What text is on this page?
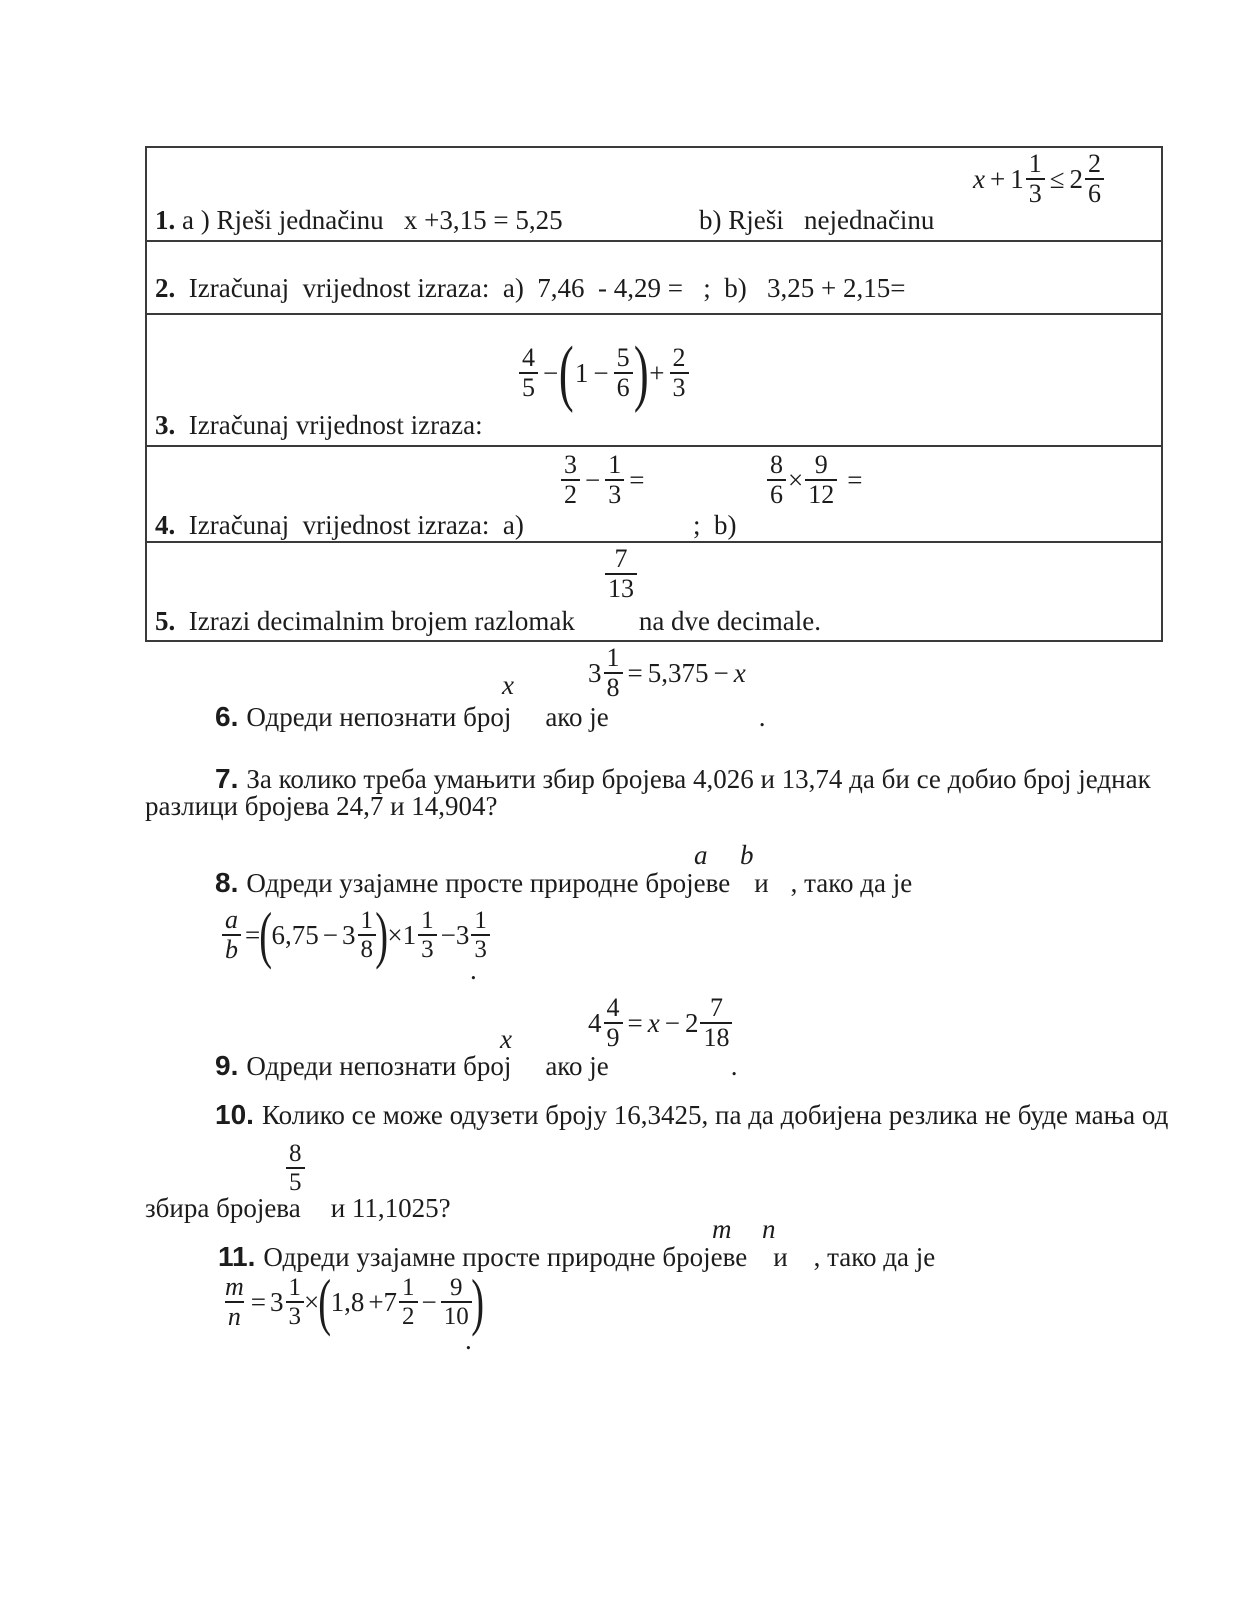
$x + 1 \frac{1}{3} \le 2 \frac{2}{6}$
1. a ) Rješi jednačinu   x +3,15 = 5,25	b) Rješi   nejednačinu
2.  Izračunaj  vrijednost izraza:  a)  7,46  - 4,29 =   ;  b)   3,25 + 2,15=
$\frac{4}{5}$ − ( $1 - \frac{5}{6}$ ) + $\frac{2}{3}$
3.  Izračunaj vrijednost izraza:
$\frac{3}{2} - \frac{1}{3}$ =	$\frac{8}{6} \times \frac{9}{12}$ =
4.  Izračunaj  vrijednost izraza:  a)	;  b)
$\frac{7}{13}$
5.  Izrazi decimalnim brojem razlomak na dve decimale.
$3 \frac{1}{8} = 5,375 - x$
x
6. Одреди непознати број ако је	.
7. За колико треба умањити збир бројева 4,026 и 13,74 да би се добио број једнак
разлици бројева 24,7 и 14,904?
a b
8. Одреди узајамне просте природне бројеве и , тако да је
$\frac{a}{b}$ = ( $6,75 - 3 \frac{1}{8}$ ) × $1 \frac{1}{3} - 3 \frac{1}{3}$
.
$4 \frac{4}{9} = x - 2 \frac{7}{18}$
x
9. Одреди непознати број ако је	.
10. Колико се може одузети броју 16,3425, па да добијена резлика не буде мања од
$\frac{8}{5}$
збира бројева и 11,1025?
m n
11. Одреди узајамне просте природне бројеве и , тако да је
$\frac{m}{n} = 3 \frac{1}{3}$ × ( $1,8 + 7 \frac{1}{2} - \frac{9}{10}$ )
.
